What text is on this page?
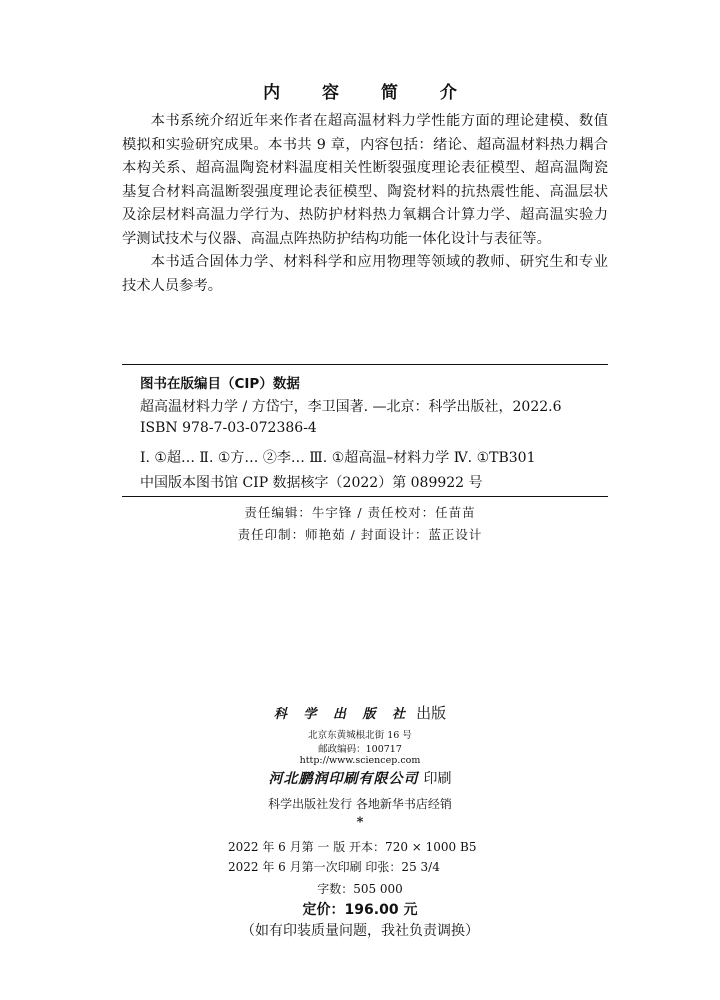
内 容 简 介

本书系统介绍近年来作者在超高温材料力学性能方面的理论建模、数值模拟和实验研究成果。本书共 9 章，内容包括：绪论、超高温材料热力耦合本构关系、超高温陶瓷材料温度相关性断裂强度理论表征模型、超高温陶瓷基复合材料高温断裂强度理论表征模型、陶瓷材料的抗热震性能、高温层状及涂层材料高温力学行为、热防护材料热力氧耦合计算力学、超高温实验力学测试技术与仪器、高温点阵热防护结构功能一体化设计与表征等。

本书适合固体力学、材料科学和应用物理等领域的教师、研究生和专业技术人员参考。

图书在版编目（CIP）数据
超高温材料力学 / 方岱宁，李卫国著. —北京：科学出版社，2022.6
ISBN 978-7-03-072386-4
Ⅰ. ①超… Ⅱ. ①方… ②李… Ⅲ. ①超高温–材料力学 Ⅳ. ①TB301
中国版本图书馆 CIP 数据核字（2022）第 089922 号
责任编辑：牛宇锋 / 责任校对：任苗苗
责任印制：师艳茹 / 封面设计：蓝正设计
科 学 出 版 社 出版
北京东黄城根北街 16 号
邮政编码：100717
http://www.sciencep.com
河北鹏润印刷有限公司 印刷
科学出版社发行 各地新华书店经销
*
2022 年 6 月第 一 版 开本：720 × 1000 B5
2022 年 6 月第一次印刷 印张：25 3/4
字数：505 000
定价：196.00 元
（如有印装质量问题，我社负责调换）
